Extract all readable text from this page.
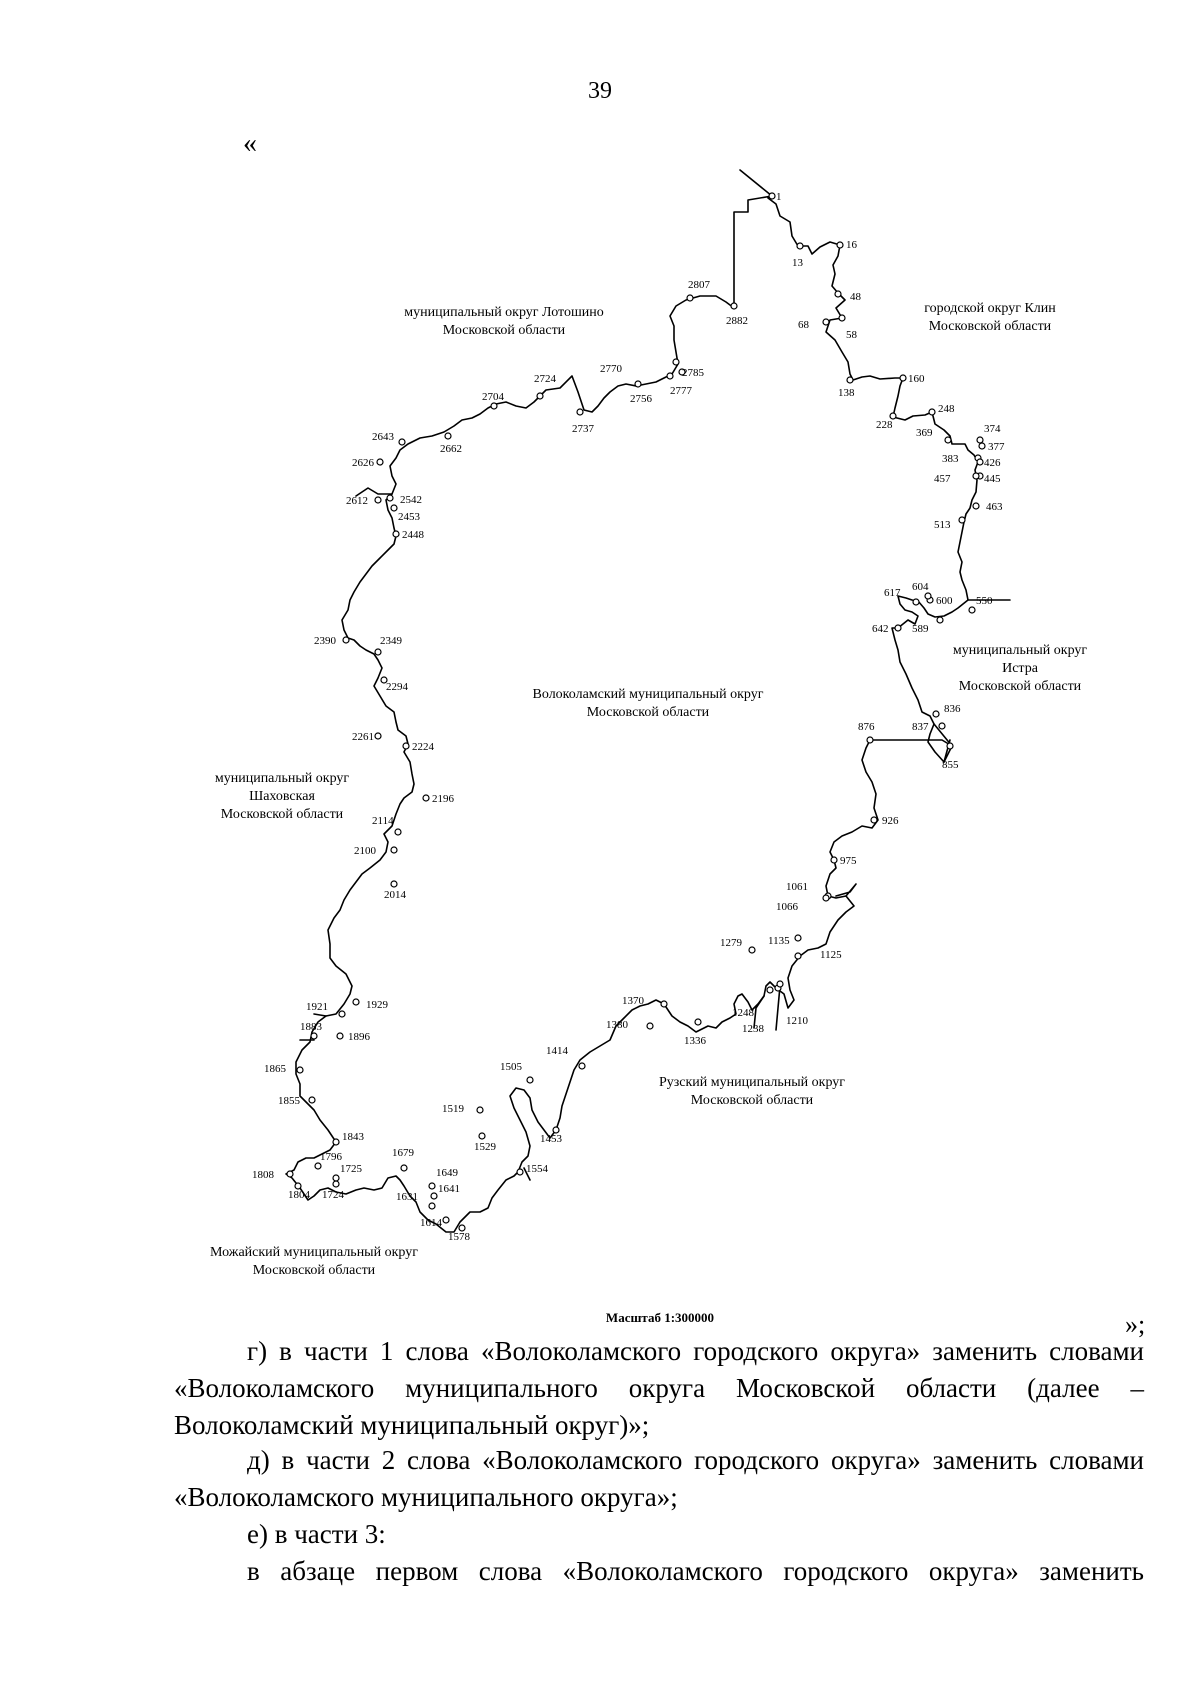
39
«
1
13
16
48
58
68
138
160
228
248
369	374
377
383 426
445
457
463
513
550
589
600
604
617
642
836
837
855
876
926
975
1061
1066
1125
1135
1210
1238
1248
1279
1336
1370
1380
1414
1453
1505
1519
1529
1554
1578
1614
1631
1641
1649
1679
1724
1725
1796
1804
1808
1843
1855
1865
1883
1896
1921	1929
2014
2100
2114
2196
2224
2261
2294
2349
2390
2448
2453
2542
2612
2626
2643
2662
2704
2724
2737
2756
2770
2777
2785
2807
2882
муниципальный округ Лотошино Московской области
городской округ Клин Московской области
Волоколамский муниципальный округ Московской области
муниципальный округ Истра Московской области
муниципальный округ Шаховская Московской области
Рузский муниципальный округ Московской области
Можайский муниципальный округ Московской области
Масштаб 1:300000	»;
г) в части 1 слова «Волоколамского городского округа» заменить словами «Волоколамского муниципального округа Московской области (далее – Волоколамский муниципальный округ)»;
д) в части 2 слова «Волоколамского городского округа» заменить словами «Волоколамского муниципального округа»;
е) в части 3:
в абзаце первом слова «Волоколамского городского округа» заменить
